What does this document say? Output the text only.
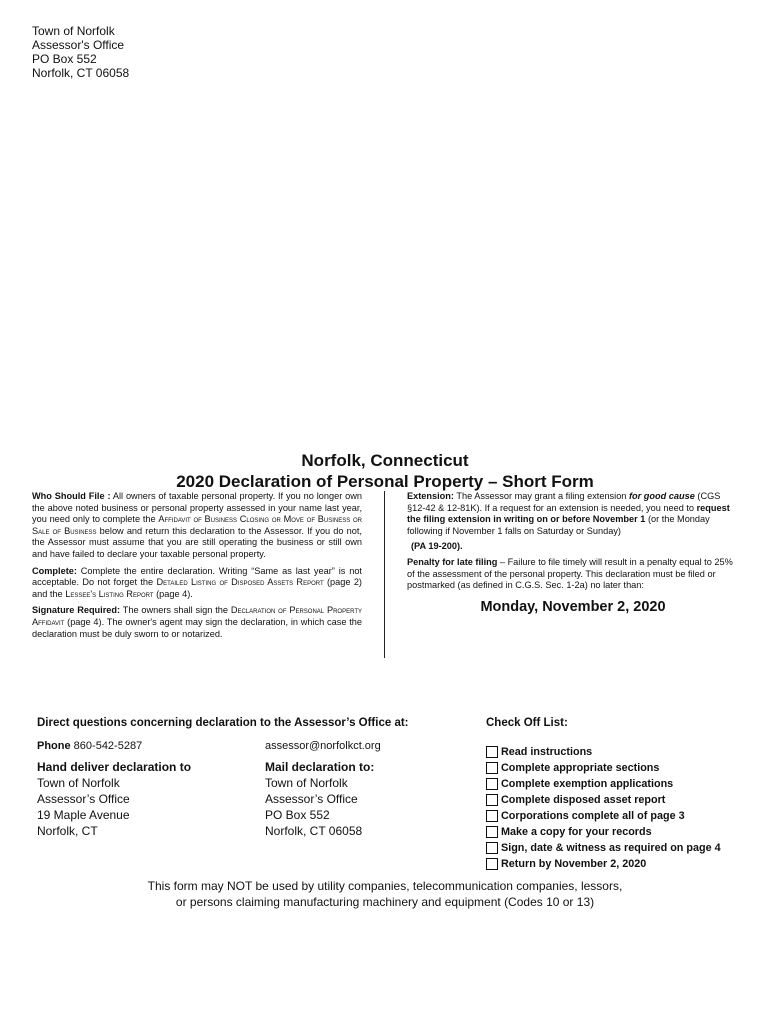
Town of Norfolk
Assessor's Office
PO Box 552
Norfolk, CT 06058
Norfolk, Connecticut
2020 Declaration of Personal Property – Short Form

Who Should File : All owners of taxable personal property. If you no longer own the above noted business or personal property assessed in your name last year, you need only to complete the Affidavit of Business Closing or Move of Business or Sale of Business below and return this declaration to the Assessor. If you do not, the Assessor must assume that you are still operating the business or still own and have failed to declare your taxable personal property.

Complete: Complete the entire declaration. Writing “Same as last year” is not acceptable. Do not forget the Detailed Listing of Disposed Assets Report (page 2) and the Lessee's Listing Report (page 4).

Signature Required: The owners shall sign the Declaration of Personal Property Affidavit (page 4). The owner's agent may sign the declaration, in which case the declaration must be duly sworn to or notarized.

Extension: The Assessor may grant a filing extension for good cause (CGS §12-42 & 12-81K). If a request for an extension is needed, you need to request the filing extension in writing on or before November 1 (or the Monday following if November 1 falls on Saturday or Sunday)

(PA 19-200).

Penalty for late filing – Failure to file timely will result in a penalty equal to 25% of the assessment of the personal property. This declaration must be filed or postmarked (as defined in C.G.S. Sec. 1-2a) no later than:

Monday, November 2, 2020
Direct questions concerning declaration to the Assessor’s Office at:	Check Off List:
Phone 860-542-5287	assessor@norfolkct.org
Hand deliver declaration to
Town of Norfolk
Assessor’s Office
19 Maple Avenue
Norfolk, CT
Mail declaration to:
Town of Norfolk
Assessor’s Office
PO Box 552
Norfolk, CT 06058
Read instructions
Complete appropriate sections
Complete exemption applications
Complete disposed asset report
Corporations complete all of page 3
Make a copy for your records
Sign, date & witness as required on page 4
Return by November 2, 2020
This form may NOT be used by utility companies, telecommunication companies, lessors,
or persons claiming manufacturing machinery and equipment (Codes 10 or 13)
